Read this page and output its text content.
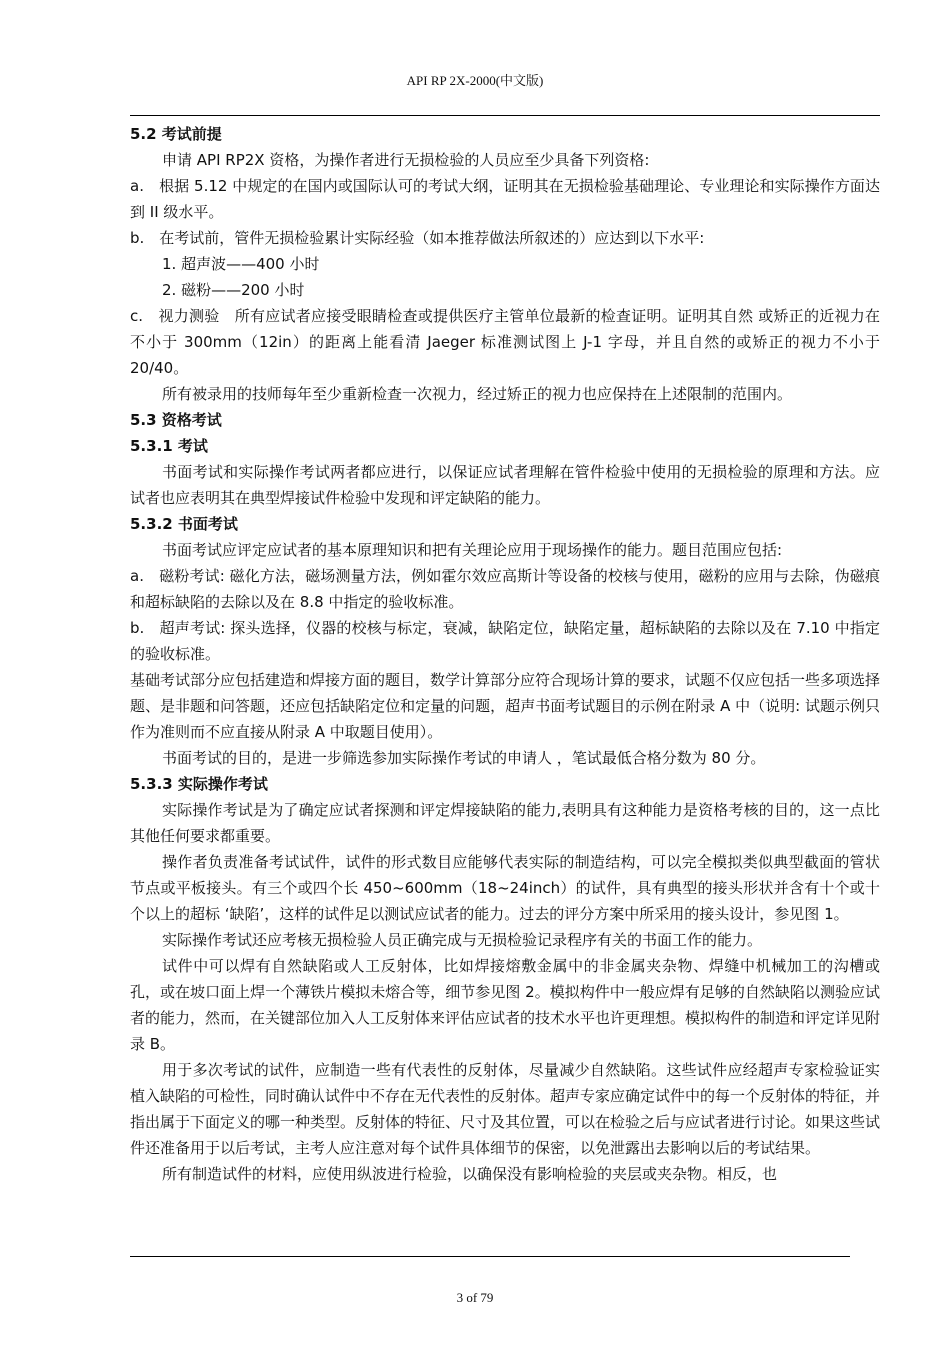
API RP 2X-2000(中文版)

5.2 考试前提

申请 API RP2X 资格，为操作者进行无损检验的人员应至少具备下列资格:

a.　根据 5.12 中规定的在国内或国际认可的考试大纲，证明其在无损检验基础理论、专业理论和实际操作方面达到 II 级水平。

b.　在考试前，管件无损检验累计实际经验（如本推荐做法所叙述的）应达到以下水平:

1. 超声波——400 小时

2. 磁粉——200 小时

c.　视力测验　所有应试者应接受眼睛检查或提供医疗主管单位最新的检查证明。证明其自然 或矫正的近视力在不小于 300mm（12in）的距离上能看清 Jaeger 标准测试图上 J-1 字母，并且自然的或矫正的视力不小于 20/40。

所有被录用的技师每年至少重新检查一次视力，经过矫正的视力也应保持在上述限制的范围内。

5.3 资格考试

5.3.1 考试

书面考试和实际操作考试两者都应进行，以保证应试者理解在管件检验中使用的无损检验的原理和方法。应试者也应表明其在典型焊接试件检验中发现和评定缺陷的能力。

5.3.2 书面考试

书面考试应评定应试者的基本原理知识和把有关理论应用于现场操作的能力。题目范围应包括:

a.　磁粉考试: 磁化方法，磁场测量方法，例如霍尔效应高斯计等设备的校核与使用，磁粉的应用与去除，伪磁痕和超标缺陷的去除以及在 8.8 中指定的验收标准。

b.　超声考试: 探头选择，仪器的校核与标定，衰减，缺陷定位，缺陷定量，超标缺陷的去除以及在 7.10 中指定的验收标准。

基础考试部分应包括建造和焊接方面的题目，数学计算部分应符合现场计算的要求，试题不仅应包括一些多项选择题、是非题和问答题，还应包括缺陷定位和定量的问题，超声书面考试题目的示例在附录 A 中（说明: 试题示例只作为准则而不应直接从附录 A 中取题目使用）。

书面考试的目的，是进一步筛选参加实际操作考试的申请人 ，笔试最低合格分数为 80 分。

5.3.3 实际操作考试

实际操作考试是为了确定应试者探测和评定焊接缺陷的能力,表明具有这种能力是资格考核的目的，这一点比其他任何要求都重要。

操作者负责准备考试试件，试件的形式数目应能够代表实际的制造结构，可以完全模拟类似典型截面的管状节点或平板接头。有三个或四个长 450~600mm（18~24inch）的试件，具有典型的接头形状并含有十个或十个以上的超标 ‘缺陷’，这样的试件足以测试应试者的能力。过去的评分方案中所采用的接头设计，参见图 1。

实际操作考试还应考核无损检验人员正确完成与无损检验记录程序有关的书面工作的能力。

试件中可以焊有自然缺陷或人工反射体，比如焊接熔敷金属中的非金属夹杂物、焊缝中机械加工的沟槽或孔，或在坡口面上焊一个薄铁片模拟未熔合等，细节参见图 2。模拟构件中一般应焊有足够的自然缺陷以测验应试者的能力，然而，在关键部位加入人工反射体来评估应试者的技术水平也许更理想。模拟构件的制造和评定详见附录 B。

用于多次考试的试件，应制造一些有代表性的反射体，尽量减少自然缺陷。这些试件应经超声专家检验证实植入缺陷的可检性，同时确认试件中不存在无代表性的反射体。超声专家应确定试件中的每一个反射体的特征，并指出属于下面定义的哪一种类型。反射体的特征、尺寸及其位置，可以在检验之后与应试者进行讨论。如果这些试件还准备用于以后考试，主考人应注意对每个试件具体细节的保密，以免泄露出去影响以后的考试结果。

所有制造试件的材料，应使用纵波进行检验，以确保没有影响检验的夹层或夹杂物。相反，也

3 of 79
